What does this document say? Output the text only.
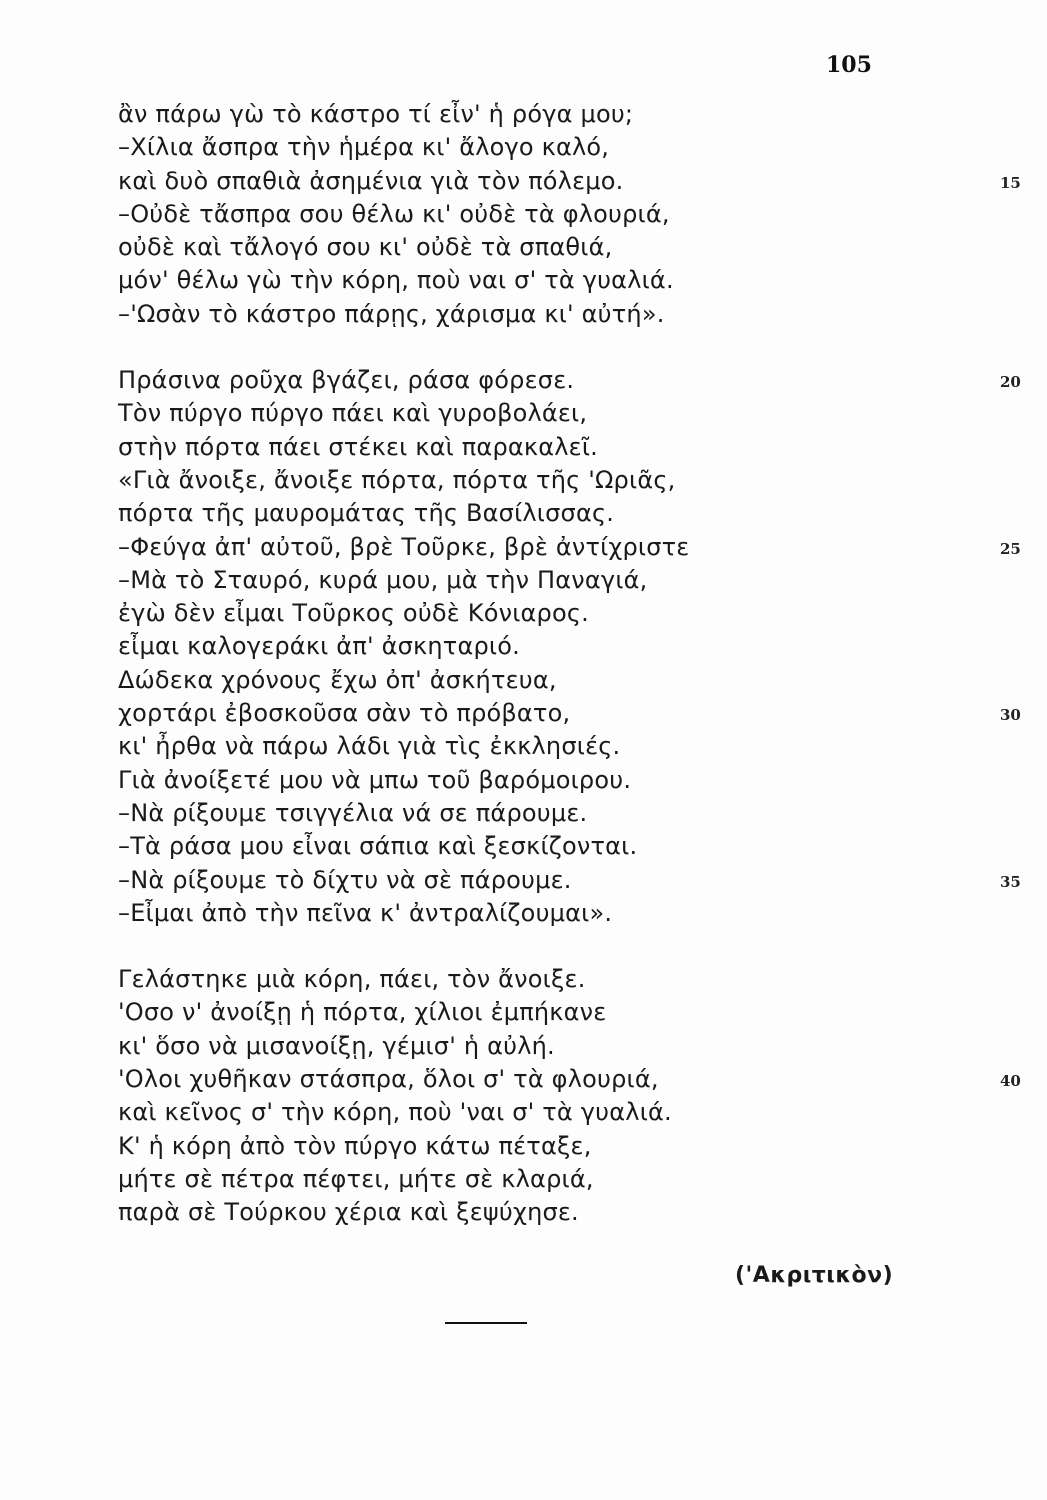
105
ἂν πάρω γὼ τὸ κάστρο τί εἶν' ἡ ρόγα μου;
–Χίλια ἄσπρα τὴν ἡμέρα κι' ἄλογο καλό,
καὶ δυὸ σπαθιὰ ἀσημένια γιὰ τὸν πόλεμο.
–Οὐδὲ τἄσπρα σου θέλω κι' οὐδὲ τὰ φλουριά,
οὐδὲ καὶ τἄλογό σου κι' οὐδὲ τὰ σπαθιά,
μόν' θέλω γὼ τὴν κόρη, ποὺ ναι σ' τὰ γυαλιά.
–'Ωσὰν τὸ κάστρο πάρῃς, χάρισμα κι' αὐτή».
Πράσινα ροῦχα βγάζει, ράσα φόρεσε.
Τὸν πύργο πύργο πάει καὶ γυροβολάει,
στὴν πόρτα πάει στέκει καὶ παρακαλεῖ.
«Γιὰ ἄνοιξε, ἄνοιξε πόρτα, πόρτα τῆς 'Ωριᾶς,
πόρτα τῆς μαυρομάτας τῆς Βασίλισσας.
–Φεύγα ἀπ' αὐτοῦ, βρὲ Τοῦρκε, βρὲ ἀντίχριστε
–Μὰ τὸ Σταυρό, κυρά μου, μὰ τὴν Παναγιά,
ἐγὼ δὲν εἶμαι Τοῦρκος οὐδὲ Κόνιαρος.
εἶμαι καλογεράκι ἀπ' ἀσκηταριό.
Δώδεκα χρόνους ἔχω ὀπ' ἀσκήτευα,
χορτάρι ἐβοσκοῦσα σὰν τὸ πρόβατο,
κι' ἦρθα νὰ πάρω λάδι γιὰ τὶς ἐκκλησιές.
Γιὰ ἀνοίξετέ μου νὰ μπω τοῦ βαρόμοιρου.
–Νὰ ρίξουμε τσιγγέλια νά σε πάρουμε.
–Τὰ ράσα μου εἶναι σάπια καὶ ξεσκίζονται.
–Νὰ ρίξουμε τὸ δίχτυ νὰ σὲ πάρουμε.
–Εἶμαι ἀπὸ τὴν πεῖνα κ' ἀντραλίζουμαι».
Γελάστηκε μιὰ κόρη, πάει, τὸν ἄνοιξε.
'Οσο ν' ἀνοίξῃ ἡ πόρτα, χίλιοι ἐμπήκανε
κι' ὅσο νὰ μισανοίξῃ, γέμισ' ἡ αὐλή.
'Ολοι χυθῆκαν στάσπρα, ὅλοι σ' τὰ φλουριά,
καὶ κεῖνος σ' τὴν κόρη, ποὺ 'ναι σ' τὰ γυαλιά.
Κ' ἡ κόρη ἀπὸ τὸν πύργο κάτω πέταξε,
μήτε σὲ πέτρα πέφτει, μήτε σὲ κλαριά,
παρὰ σὲ Τούρκου χέρια καὶ ξεψύχησε.
15
20
25
30
35
40
('Ακριτικὸν)
